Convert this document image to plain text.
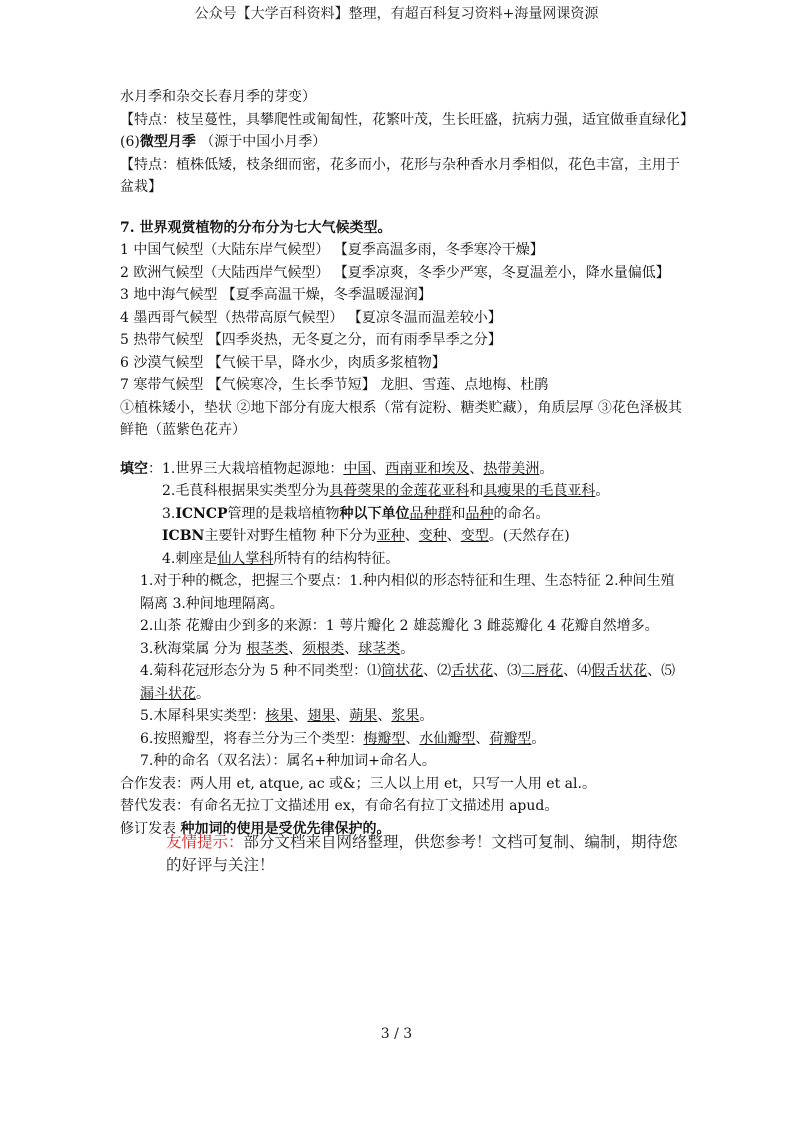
公众号【大学百科资料】整理，有超百科复习资料+海量网课资源

水月季和杂交长春月季的芽变）

【特点：枝呈蔓性，具攀爬性或匍匐性，花繁叶茂，生长旺盛，抗病力强，适宜做垂直绿化】

(6)微型月季 （源于中国小月季）

【特点：植株低矮，枝条细而密，花多而小，花形与杂种香水月季相似，花色丰富，主用于盆栽】

7. 世界观赏植物的分布分为七大气候类型。

1 中国气候型（大陆东岸气候型） 【夏季高温多雨，冬季寒冷干燥】

2 欧洲气候型（大陆西岸气候型） 【夏季凉爽，冬季少严寒，冬夏温差小，降水量偏低】

3 地中海气候型 【夏季高温干燥，冬季温暖湿润】

4 墨西哥气候型（热带高原气候型） 【夏凉冬温而温差较小】

5 热带气候型 【四季炎热，无冬夏之分，而有雨季旱季之分】

6 沙漠气候型 【气候干旱，降水少，肉质多浆植物】

7 寒带气候型 【气候寒冷，生长季节短】 龙胆、雪莲、点地梅、杜鹃

①植株矮小，垫状 ②地下部分有庞大根系（常有淀粉、糖类贮藏），角质层厚 ③花色泽极其鲜艳（蓝紫色花卉）

填空：1.世界三大栽培植物起源地：中国、西南亚和埃及、热带美洲。

2.毛茛科根据果实类型分为具蓇葖果的金莲花亚科和具瘦果的毛茛亚科。

3.ICNCP管理的是栽培植物种以下单位品种群和品种的命名。

ICBN主要针对野生植物 种下分为亚种、变种、变型。(天然存在)

4.刺座是仙人掌科所特有的结构特征。

1.对于种的概念，把握三个要点：1.种内相似的形态特征和生理、生态特征 2.种间生殖隔离 3.种间地理隔离。

2.山茶 花瓣由少到多的来源：1 萼片瓣化 2 雄蕊瓣化 3 雌蕊瓣化 4 花瓣自然增多。

3.秋海棠属 分为 根茎类、须根类、球茎类。

4.菊科花冠形态分为 5 种不同类型：⑴筒状花、⑵舌状花、⑶二唇花、⑷假舌状花、⑸漏斗状花。

5.木犀科果实类型：核果、翅果、蒴果、浆果。

6.按照瓣型，将春兰分为三个类型：梅瓣型、水仙瓣型、荷瓣型。

7.种的命名（双名法）：属名+种加词+命名人。

合作发表：两人用 et, atque, ac 或&；三人以上用 et，只写一人用 et al.。

替代发表：有命名无拉丁文描述用 ex，有命名有拉丁文描述用 apud。

修订发表 种加词的使用是受优先律保护的。

友情提示：部分文档来自网络整理，供您参考！文档可复制、编制，期待您的好评与关注！

3 / 3
